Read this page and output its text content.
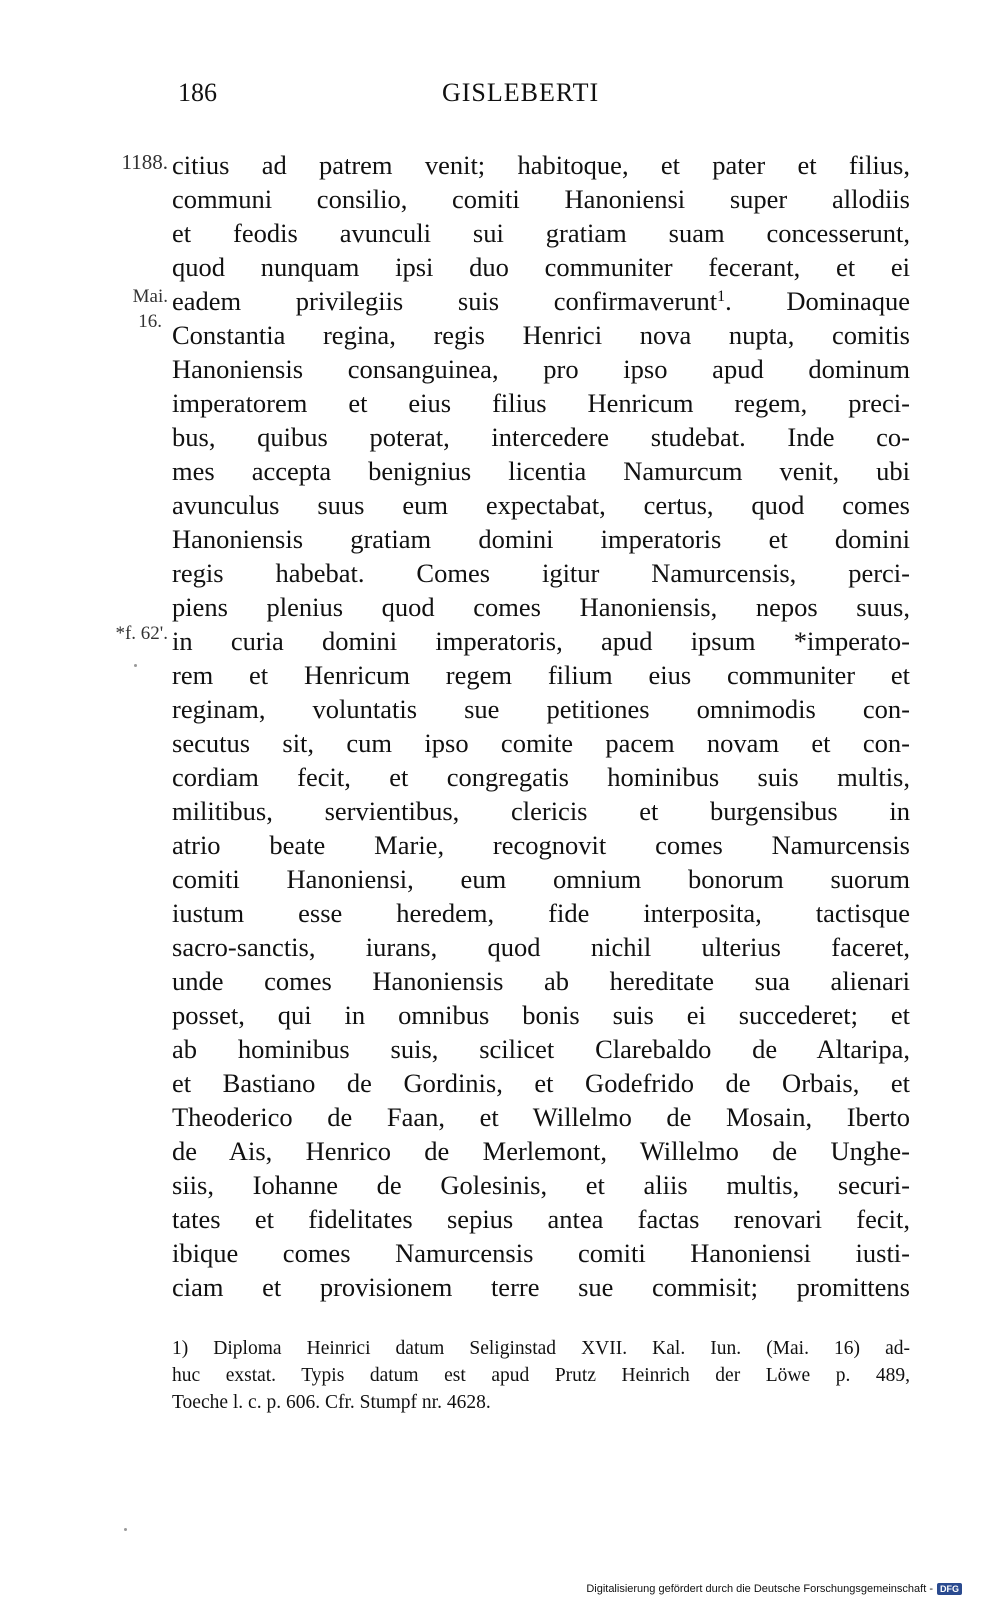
186	GISLEBERTI
1188.
Mai.
16.
*f. 62'.
citius ad patrem venit; habitoque, et pater et filius,
communi consilio, comiti Hanoniensi super allodiis
et feodis avunculi sui gratiam suam concesserunt,
quod nunquam ipsi duo communiter fecerant, et ei
eadem privilegiis suis confirmaverunt$^1$. Dominaque
Constantia regina, regis Henrici nova nupta, comitis
Hanoniensis consanguinea, pro ipso apud dominum
imperatorem et eius filius Henricum regem, preci-
bus, quibus poterat, intercedere studebat. Inde co-
mes accepta benignius licentia Namurcum venit, ubi
avunculus suus eum expectabat, certus, quod comes
Hanoniensis gratiam domini imperatoris et domini
regis habebat. Comes igitur Namurcensis, perci-
piens plenius quod comes Hanoniensis, nepos suus,
in curia domini imperatoris, apud ipsum *imperato-
rem et Henricum regem filium eius communiter et
reginam, voluntatis sue petitiones omnimodis con-
secutus sit, cum ipso comite pacem novam et con-
cordiam fecit, et congregatis hominibus suis multis,
militibus, servientibus, clericis et burgensibus in
atrio beate Marie, recognovit comes Namurcensis
comiti Hanoniensi, eum omnium bonorum suorum
iustum esse heredem, fide interposita, tactisque
sacro-sanctis, iurans, quod nichil ulterius faceret,
unde comes Hanoniensis ab hereditate sua alienari
posset, qui in omnibus bonis suis ei succederet; et
ab hominibus suis, scilicet Clarebaldo de Altaripa,
et Bastiano de Gordinis, et Godefrido de Orbais, et
Theoderico de Faan, et Willelmo de Mosain, Iberto
de Ais, Henrico de Merlemont, Willelmo de Unghe-
siis, Iohanne de Golesinis, et aliis multis, securi-
tates et fidelitates sepius antea factas renovari fecit,
ibique comes Namurcensis comiti Hanoniensi iusti-
ciam et provisionem terre sue commisit; promittens
1) Diploma Heinrici datum Seliginstad XVII. Kal. Iun. (Mai. 16) ad-
huc exstat. Typis datum est apud Prutz Heinrich der Löwe p. 489,
Toeche l. c. p. 606. Cfr. Stumpf nr. 4628.
Digitalisierung gefördert durch die Deutsche Forschungsgemeinschaft - DFG
